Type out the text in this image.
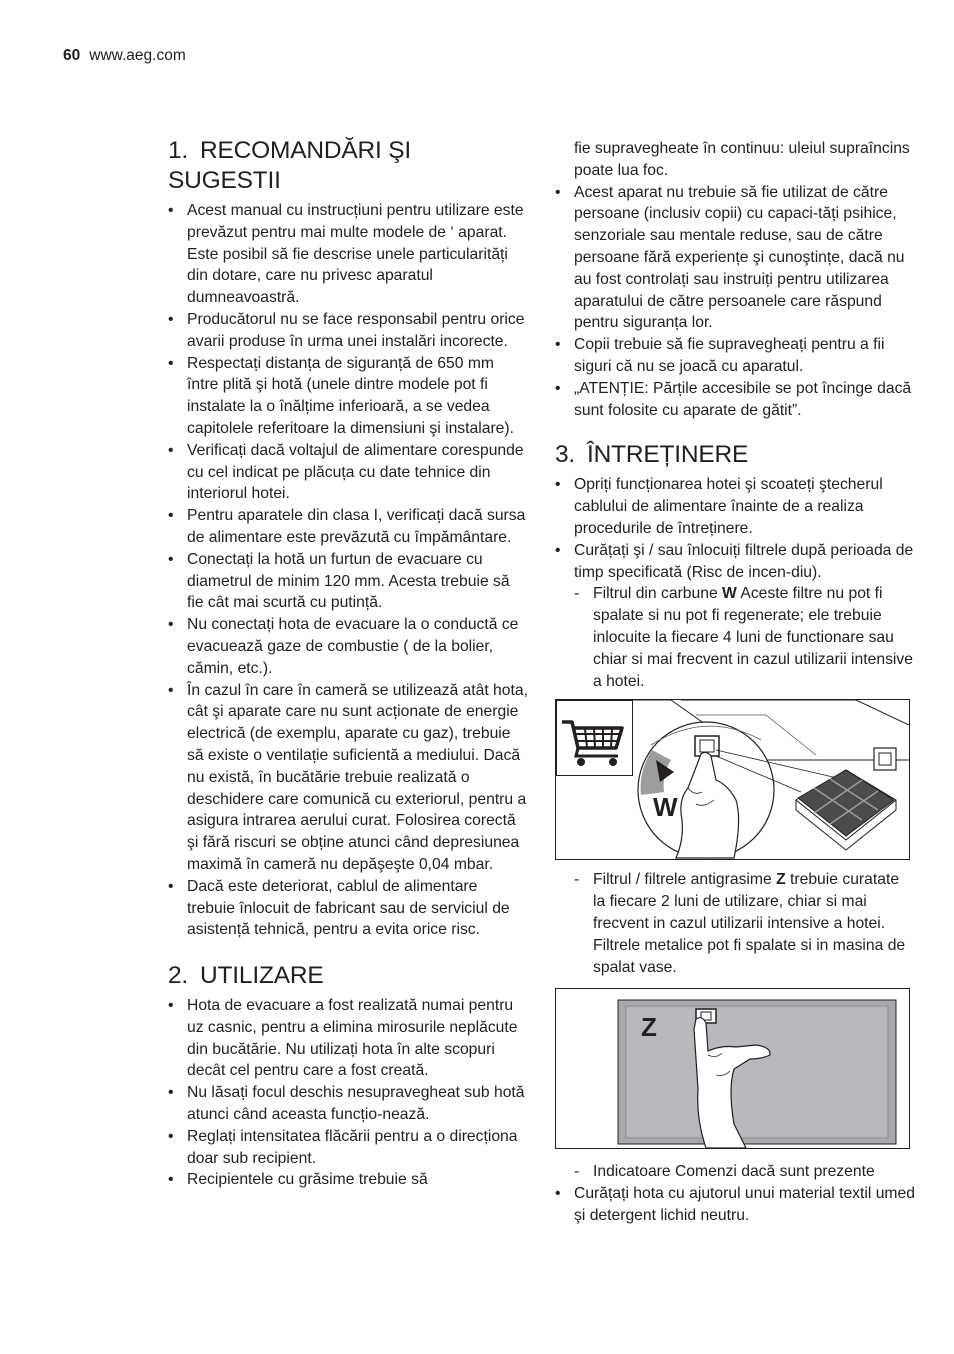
60 www.aeg.com
1. RECOMANDĂRI ŞI SUGESTII
• Acest manual cu instrucțiuni pentru utilizare este prevăzut pentru mai multe modele de ‘ aparat. Este posibil să fie descrise unele particularități din dotare, care nu privesc aparatul dumneavoastră.
• Producătorul nu se face responsabil pentru orice avarii produse în urma unei instalări incorecte.
• Respectați distanța de siguranță de 650 mm între plită şi hotă (unele dintre modele pot fi instalate la o înălțime inferioară, a se vedea capitolele referitoare la dimensiuni şi instalare).
• Verificați dacă voltajul de alimentare corespunde cu cel indicat pe plăcuța cu date tehnice din interiorul hotei.
• Pentru aparatele din clasa I, verificați dacă sursa de alimentare este prevăzută cu împământare.
• Conectați la hotă un furtun de evacuare cu diametrul de minim 120 mm. Acesta trebuie să fie cât mai scurtă cu putință.
• Nu conectați hota de evacuare la o conductă ce evacuează gaze de combustie ( de la bolier, cămin, etc.).
• În cazul în care în cameră se utilizează atât hota, cât şi aparate care nu sunt acționate de energie electrică (de exemplu, aparate cu gaz), trebuie să existe o ventilație suficientă a mediului. Dacă nu există, în bucătărie trebuie realizată o deschidere care comunică cu exteriorul, pentru a asigura intrarea aerului curat. Folosirea corectă şi fără riscuri se obține atunci când depresiunea maximă în cameră nu depăşeşte 0,04 mbar.
• Dacă este deteriorat, cablul de alimentare trebuie înlocuit de fabricant sau de serviciul de asistență tehnică, pentru a evita orice risc.
2. UTILIZARE
• Hota de evacuare a fost realizată numai pentru uz casnic, pentru a elimina mirosurile neplăcute din bucătărie. Nu utilizați hota în alte scopuri decât cel pentru care a fost creată.
• Nu lăsați focul deschis nesupravegheat sub hotă atunci când aceasta funcțio-nează.
• Reglați intensitatea flăcării pentru a o direcționa doar sub recipient.
• Recipientele cu grăsime trebuie să
fie supravegheate în continuu: uleiul supraîncins poate lua foc.
• Acest aparat nu trebuie să fie utilizat de către persoane (inclusiv copii) cu capaci-tăți psihice, senzoriale sau mentale reduse, sau de către persoane fără experiențe şi cunoştințe, dacă nu au fost controlați sau instruiți pentru utilizarea aparatului de către persoanele care răspund pentru siguranța lor.
• Copii trebuie să fie supravegheați pentru a fii siguri că nu se joacă cu aparatul.
• „ATENȚIE: Părțile accesibile se pot încinge dacă sunt folosite cu aparate de gătit”.
3. ÎNTREȚINERE
• Opriți funcționarea hotei şi scoateți ştecherul cablului de alimentare înainte de a realiza procedurile de întreținere.
• Curățați şi / sau înlocuiți filtrele după perioada de timp specificată (Risc de incen-diu).
- Filtrul din carbune W Aceste filtre nu pot fi spalate si nu pot fi regenerate; ele trebuie inlocuite la fiecare 4 luni de functionare sau chiar si mai frecvent in cazul utilizarii intensive a hotei.
W
- Filtrul / filtrele antigrasime Z trebuie curatate la fiecare 2 luni de utilizare, chiar si mai frecvent in cazul utilizarii intensive a hotei. Filtrele metalice pot fi spalate si in masina de spalat vase.
Z
- Indicatoare Comenzi dacă sunt prezente
• Curățați hota cu ajutorul unui material textil umed şi detergent lichid neutru.
